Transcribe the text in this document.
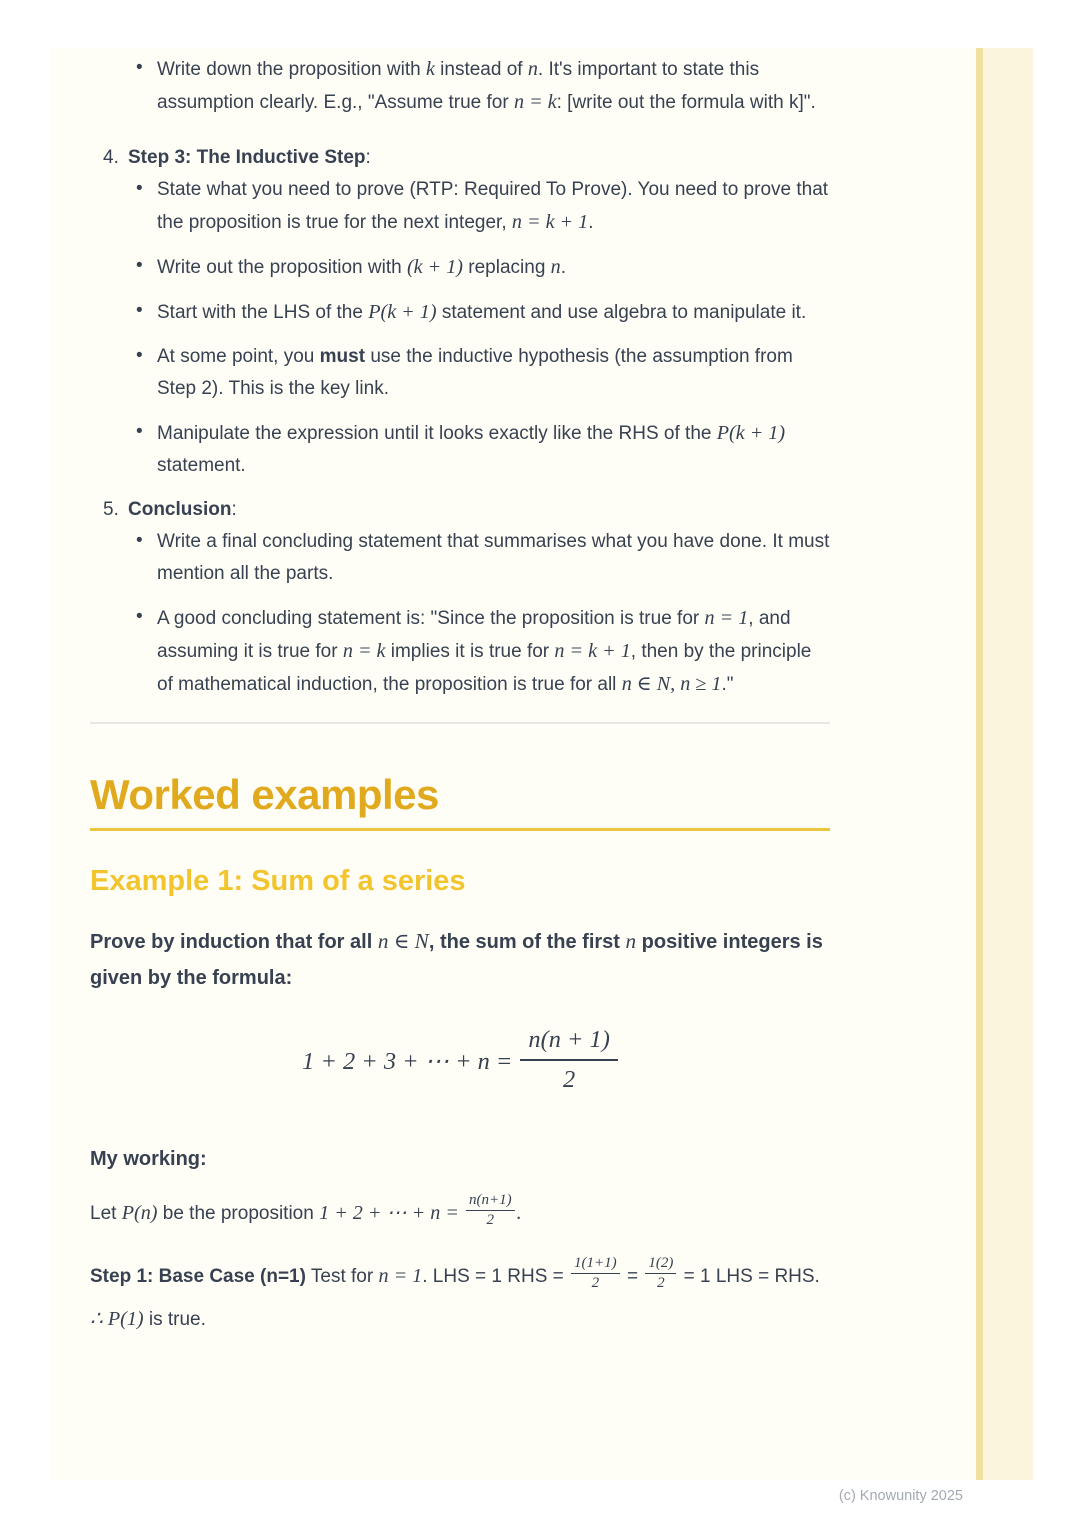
• Write down the proposition with k instead of n. It's important to state this assumption clearly. E.g., "Assume true for n = k: [write out the formula with k]".
4. Step 3: The Inductive Step:
• State what you need to prove (RTP: Required To Prove). You need to prove that the proposition is true for the next integer, n = k + 1.
• Write out the proposition with (k + 1) replacing n.
• Start with the LHS of the P(k + 1) statement and use algebra to manipulate it.
• At some point, you must use the inductive hypothesis (the assumption from Step 2). This is the key link.
• Manipulate the expression until it looks exactly like the RHS of the P(k + 1) statement.
5. Conclusion:
• Write a final concluding statement that summarises what you have done. It must mention all the parts.
• A good concluding statement is: "Since the proposition is true for n = 1, and assuming it is true for n = k implies it is true for n = k + 1, then by the principle of mathematical induction, the proposition is true for all n ∈ N, n ≥ 1."
Worked examples
Example 1: Sum of a series

Prove by induction that for all n ∈ N, the sum of the first n positive integers is given by the formula:

1 + 2 + 3 + ⋯ + $n = \frac{n(n + 1)}{2}$

My working:

Let P(n) be the proposition 1 + 2 + ⋯ + $n = \frac{n(n+1)}{2}$ .

Step 1: Base Case (n=1) Test for n = 1. LHS = 1 RHS = $\frac{1(1+1)}{2} = \frac{1(2)}{2} = 1$ LHS = RHS. ∴ P(1) is true.

(c) Knowunity 2025
